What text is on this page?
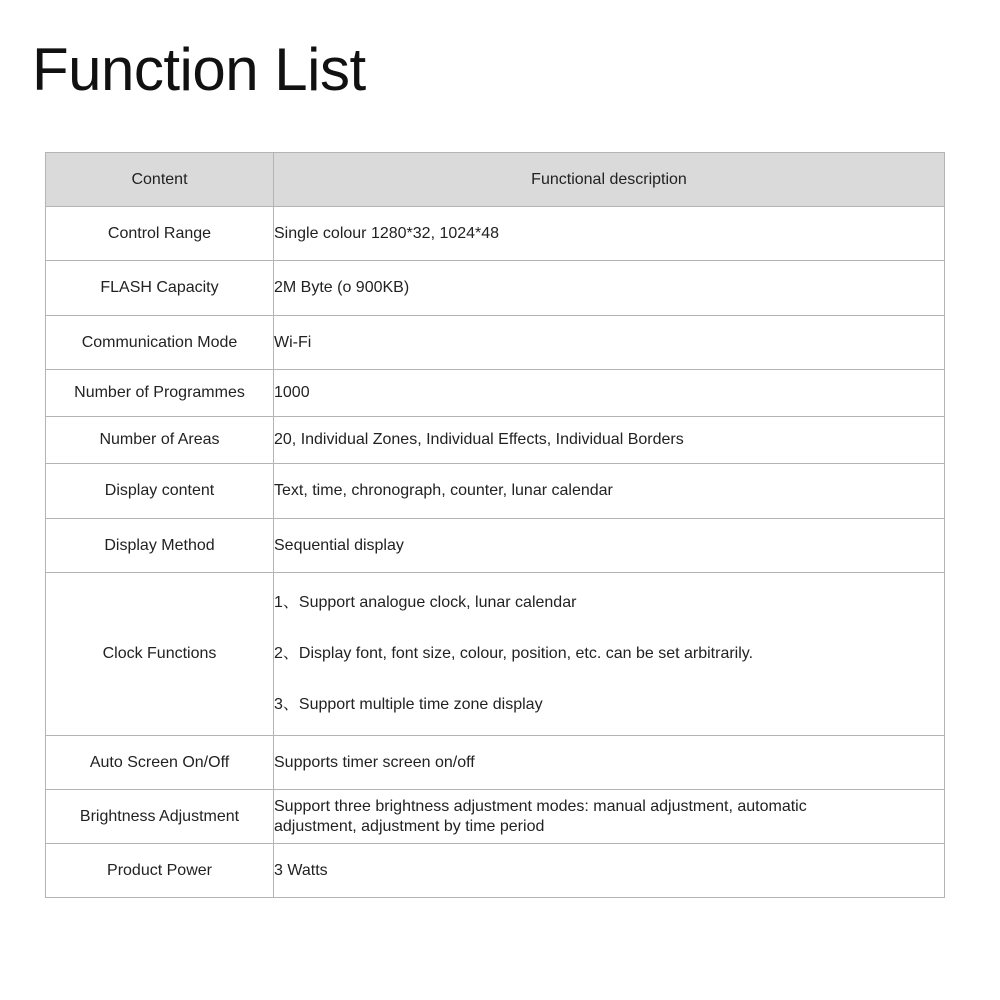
Function List
Content	Functional description
Control Range	Single colour 1280*32, 1024*48

FLASH Capacity	2M Byte (o 900KB)

Communication Mode	Wi-Fi

Number of Programmes	1000

Number of Areas	20, Individual Zones, Individual Effects, Individual Borders

Display content	Text, time, chronograph, counter, lunar calendar

Display Method	Sequential display

Clock Functions	1、Support analogue clock, lunar calendar
2、Display font, font size, colour, position, etc. can be set arbitrarily.
3、Support multiple time zone display

Auto Screen On/Off	Supports timer screen on/off

Brightness Adjustment	Support three brightness adjustment modes: manual adjustment, automatic
adjustment, adjustment by time period

Product Power	3 Watts
